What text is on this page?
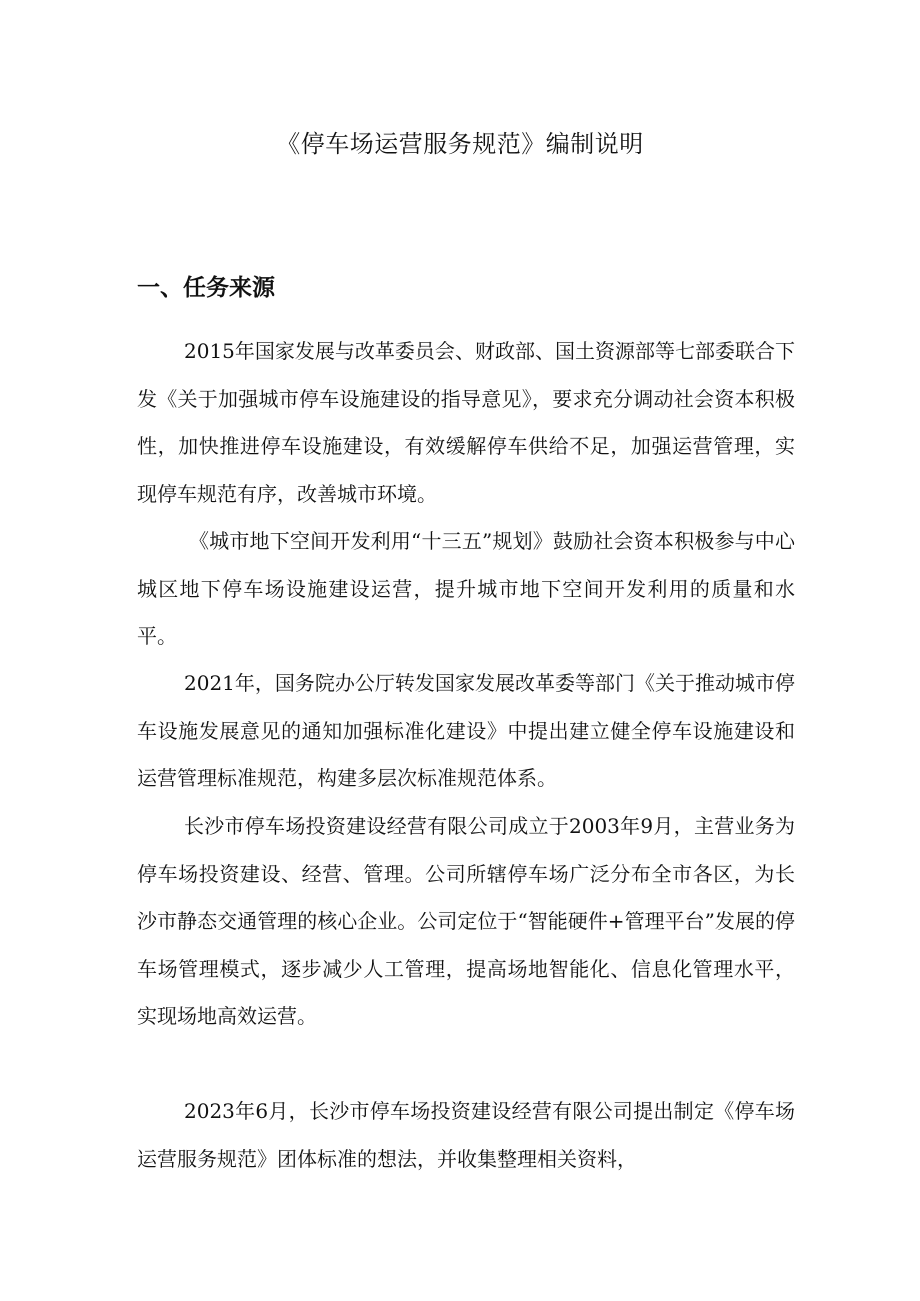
《停车场运营服务规范》编制说明
一、任务来源

2015年国家发展与改革委员会、财政部、国土资源部等七部委联合下发《关于加强城市停车设施建设的指导意见》，要求充分调动社会资本积极性，加快推进停车设施建设，有效缓解停车供给不足，加强运营管理，实现停车规范有序，改善城市环境。

《城市地下空间开发利用“十三五”规划》鼓励社会资本积极参与中心城区地下停车场设施建设运营，提升城市地下空间开发利用的质量和水平。

2021年，国务院办公厅转发国家发展改革委等部门《关于推动城市停车设施发展意见的通知加强标准化建设》中提出建立健全停车设施建设和运营管理标准规范，构建多层次标准规范体系。

长沙市停车场投资建设经营有限公司成立于2003年9月，主营业务为停车场投资建设、经营、管理。公司所辖停车场广泛分布全市各区，为长沙市静态交通管理的核心企业。公司定位于“智能硬件+管理平台”发展的停车场管理模式，逐步减少人工管理，提高场地智能化、信息化管理水平，实现场地高效运营。

2023年6月，长沙市停车场投资建设经营有限公司提出制定《停车场运营服务规范》团体标准的想法，并收集整理相关资料，
